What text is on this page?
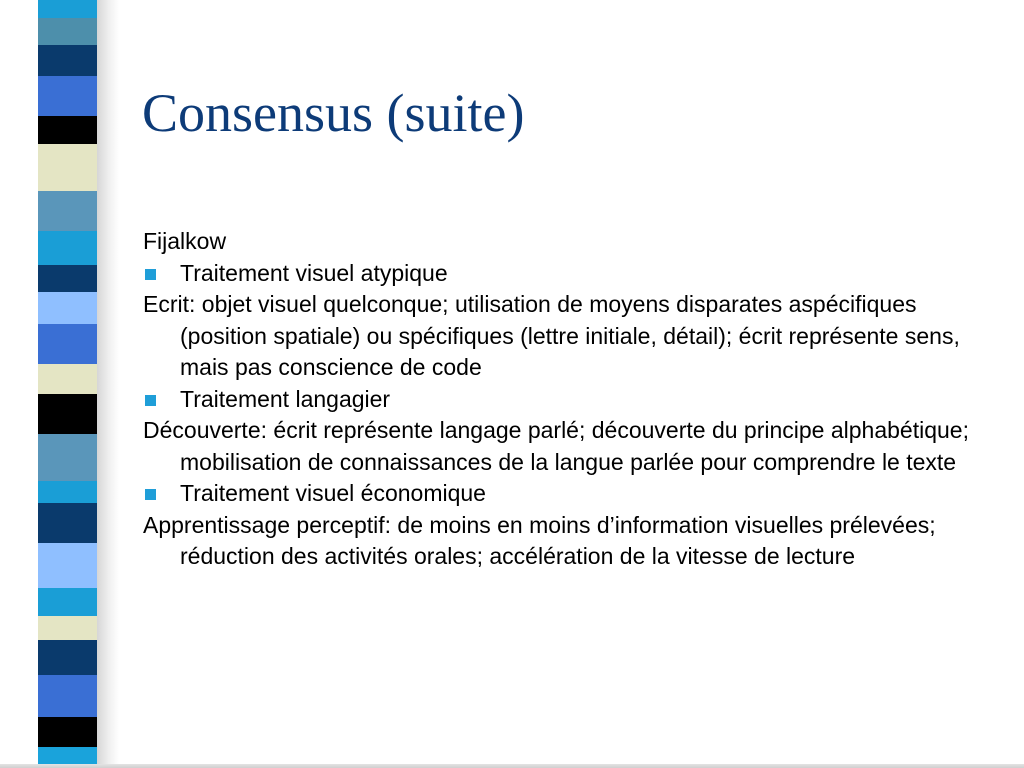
Consensus (suite)

Fijalkow

Traitement visuel atypique

Ecrit: objet visuel quelconque; utilisation de moyens disparates aspécifiques (position spatiale) ou spécifiques (lettre initiale, détail); écrit représente sens, mais pas conscience de code

Traitement langagier

Découverte: écrit représente langage parlé; découverte du principe alphabétique; mobilisation de connaissances de la langue parlée pour comprendre le texte

Traitement visuel économique

Apprentissage perceptif: de moins en moins d’information visuelles prélevées; réduction des activités orales; accélération de la vitesse de lecture
